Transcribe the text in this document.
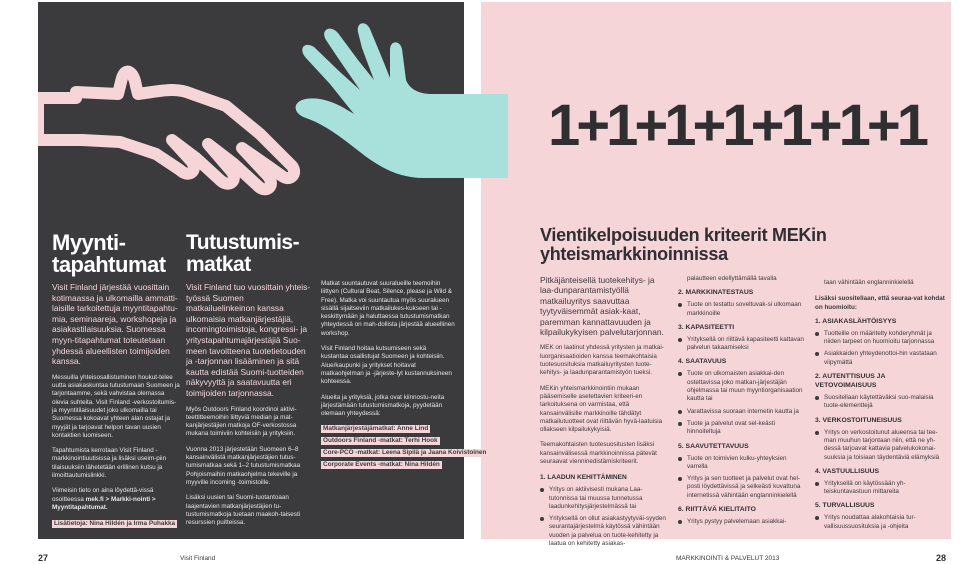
1+1+1+1+1+1+1
Myynti-
tapahtumat

Visit Finland järjestää vuosittain kotimaassa ja ulkomailla ammatti-laisille tarkoitettuja myyntitapahtu-mia, seminaareja, workshopeja ja asiakastilaisuuksia. Suomessa myyn-titapahtumat toteutetaan yhdessä alueellisten toimijoiden kanssa.

Messuilla yhteisosallistuminen houkut-telee uutta asiakaskuntaa tutustumaan Suomeen ja tarjontaamme, sekä vahvistaa olemassa olevia suhteita. Visit Finland -verkostoitumis- ja myyntitilaisuudet joko ulkomailla tai Suomessa kokoavat yhteen alan ostajat ja myyjät ja tarjoavat helpon tavan uusien kontaktien luomiseen.

Tapahtumista kerrotaan Visit Finland -markkinointiuutisissa ja lisäksi useim-piin tilaisuuksiin lähetetään erillinen kutsu ja ilmoittautumislinkki.

Viimeisin tieto on aina löydettä-vissä osoitteessa mek.fi > Markki-nointi > Myyntitapahtumat.

Lisätietoja: Nina Hildén ja Irma Puhakka
Tutustumis-
matkat

Visit Finland tuo vuosittain yhteis-työssä Suomen matkailuelinkeinon kanssa ulkomaisia matkanjärjestäjiä, incomingtoimistoja, kongressi- ja yritystapahtumajärjestäjiä Suo-meen tavoitteena tuotetietouden ja -tarjonnan lisääminen ja sitä kautta edistää Suomi-tuotteiden näkyvyyttä ja saatavuutta eri toimijoiden tarjonnassa.

Myös Outdoors Finland koordinoi aktivi-teettitteemoihin liittyviä median ja mat-kanjärjestäjien matkoja OF-verkostossa mukana toimiviin kohteisiin ja yrityksiin.

Vuonna 2013 järjestetään Suomeen 6–8 kansainvälistä matkanjärjestäjien tutus-tumismatkaa sekä 1–2 tutustumismatkaa Pohjoismaihin matkaohjelma tekeville ja myyville incoming -toimistoille.

Lisäksi uusien tai Suomi-tuotantoaan laajentavien matkanjärjestäjien tu-tustumismatkoja tuetaan maakoh-taisesti resurssien puitteissa.

Matkat suuntautuvat suuralueille teemoihin liittyen (Cultural Beat, Silence, please ja Wild & Free). Matka voi suuntautua myös suuralueen sisällä sijaitseviin matkailukes-kukseen tai -keskittymään ja haluttaessa tutustumismatkan yhteydessä on mah-dollista järjestää alueellinen workshop.

Visit Finland hoitaa kutsumiseen sekä kustantaa osallistujat Suomeen ja kohteisiin. Alue/kaupunki ja yritykset hoitavat matkaohjelman ja -järjeste-lyt kustannuksineen kohteessa.

Alueita ja yrityksiä, jotka ovat kiinnostu-neita järjestämään tutustumismatkoja, pyydetään olemaan yhteydessä:

Matkanjärjestäjämatkat: Anne Lind
Outdoors Finland -matkat: Terhi Hook
Core-PCO -matkat: Leena Sipilä ja Jaana Koivistoinen
Corporate Events -matkat: Nina Hildén
Vientikelpoisuuden kriteerit MEKin
yhteismarkkinoinnissa

Pitkäjänteisellä tuotekehitys- ja laa-dunparantamistyöllä matkailuyritys saavuttaa tyytyväisemmät asiak-kaat, paremman kannattavuuden ja kilpailukykyisen palvelutarjonnan.

MEK on laatinut yhdessä yritysten ja matkai-luorganisaatioiden kanssa teemakohtaisia tuotesuosituksia matkailuyritysten tuote-kehitys- ja laadunparantamistyön tueksi.

MEKin yhteismarkkinointiin mukaan pääsemiselle asetettavien kriteeri-en tarkoituksena on varmistaa, että kansainvälisille markkinoille tähdätyt matkailutuotteet ovat riittävän hyvä-laatuisia ollakseen kilpailukykyisiä.

Teemakohtaisten tuotesuositusten lisäksi kansainvälisessä markkinoinnissa pätevät seuraavat vienninedistämiskriteerit.

1. LAADUN KEHITTÄMINEN
Yritys on aktiivisesti mukana Laa-tutonnissa tai muussa tunnetussa laadunkehitysjärjestelmässä tai
Yrityksellä on ollut asiakastyytyväi-syyden seurantajärjestelmä käytössä vähintään vuoden ja palvelua on tuote-kehitetty ja laatua on kehitetty asiakas-

palautteen edellyttämällä tavalla

2. MARKKINATESTAUS
Tuote on testattu soveltuvak-si ulkomaan markkinoille
3. KAPASITEETTI
Yrityksellä on riittävä kapasiteetti kattavan palvelun takaamiseksi
4. SAATAVUUS
Tuote on ulkomaisten asiakkai-den ostettavissa joko matkan-järjestäjän ohjelmassa tai muun myyntiorganisaation kautta tai
Varattavissa suoraan internetin kautta ja
Tuote ja palvelut ovat sel-keästi hinnoiteltuja
5. SAAVUTETTAVUUS
Tuote on toimivien kulku-yhteyksien varrella
Yritys ja sen tuotteet ja palvelut ovat hel-posti löydettävissä ja selkeästi kuvattuna internetissä vähintään englanninkielellä
6. RIITTÄVÄ KIELITAITO
Yritys pystyy palvelemaan asiakkai-

taan vähintään englanninkielellä

Lisäksi suositellaan, että seuraa-vat kohdat on huomioitu:

1. ASIAKASLÄHTÖISYYS
Tuotteille on määritelty kohderyhmät ja niiden tarpeet on huomioitu tarjonnassa
Asiakkaiden yhteydenottoi-hin vastataan viipymättä
2. AUTENTTISUUS JA VETOVOIMAISUUS
Suositellaan käytettäväksi suo-malaisia tuote-elementtejä
3. VERKOSTOITUNEISUUS
Yritys on verkostoitunut alueensa tai tee-man muuhun tarjontaan niin, että ne yh-dessä tarjoavat kattavia palvelukokonai-suuksia ja toisiaan täydentäviä elämyksiä
4. VASTUULLISUUS
Yrityksellä on käytössään yh-teiskuntavastuun mittareita
5. TURVALLISUUS
Yritys noudattaa alakohtaisia tur-vallisuussuosituksia ja -ohjeita
27	Visit Finland	MARKKINOINTI & PALVELUT 2013	28
